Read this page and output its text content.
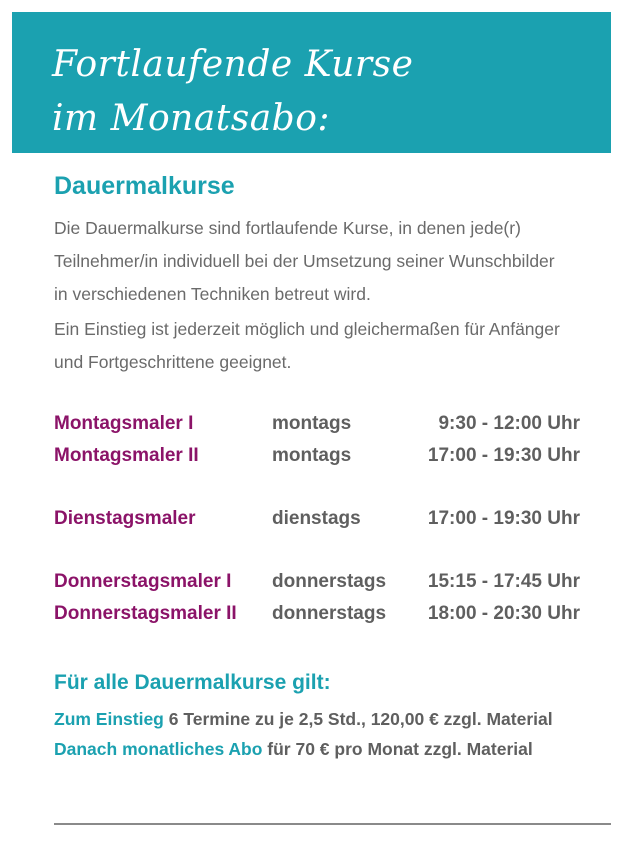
Fortlaufende Kurse
im Monatsabo:
Dauermalkurse
Die Dauermalkurse sind fortlaufende Kurse, in denen jede(r)
Teilnehmer/in individuell bei der Umsetzung seiner Wunschbilder
in verschiedenen Techniken betreut wird.
Ein Einstieg ist jederzeit möglich und gleichermaßen für Anfänger
und Fortgeschrittene geeignet.
Montagsmaler I	montags	9:30 - 12:00 Uhr
Montagsmaler II	montags	17:00 - 19:30 Uhr
Dienstagsmaler	dienstags	17:00 - 19:30 Uhr
Donnerstagsmaler I donnerstags	15:15 - 17:45 Uhr
Donnerstagsmaler II donnerstags	18:00 - 20:30 Uhr
Für alle Dauermalkurse gilt:
Zum Einstieg 6 Termine zu je 2,5 Std., 120,00 € zzgl. Material
Danach monatliches Abo für 70 € pro Monat zzgl. Material
